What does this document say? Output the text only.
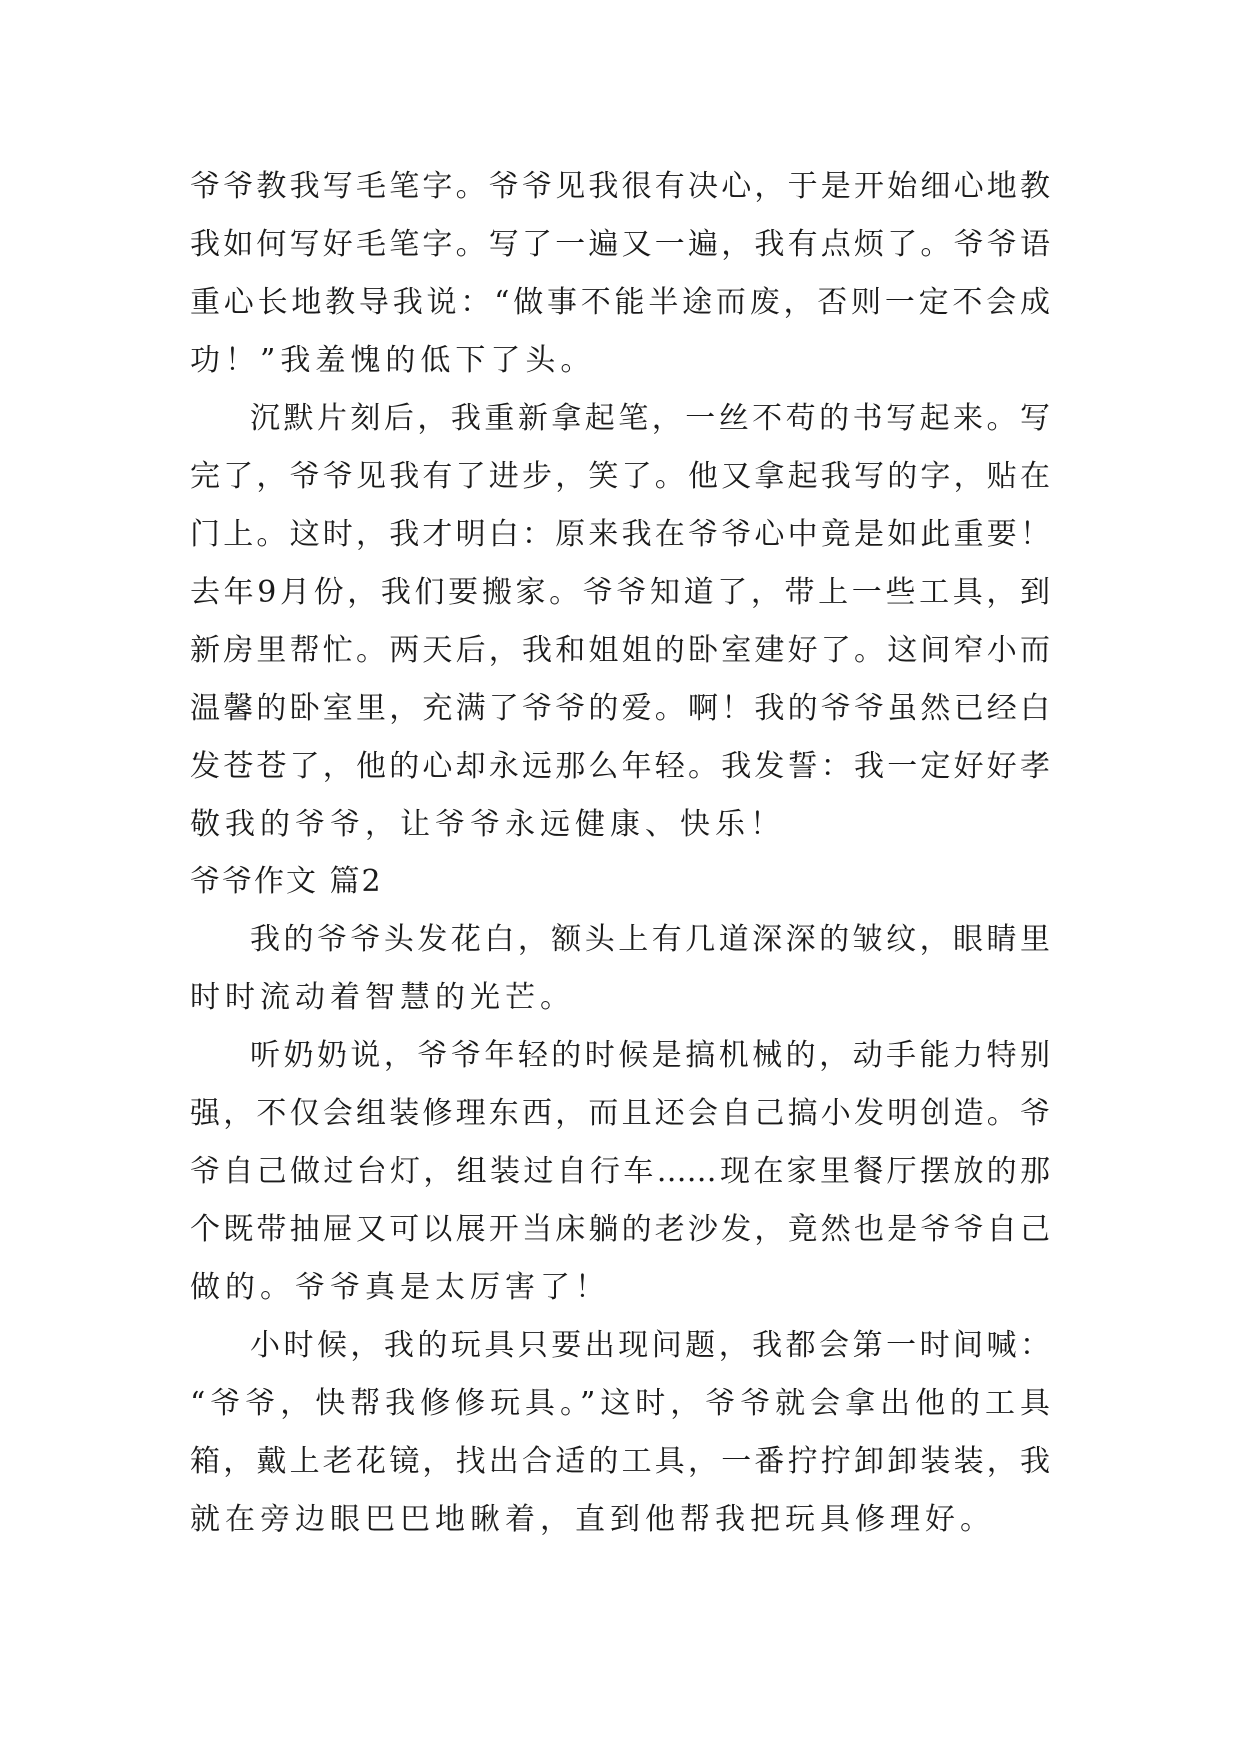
爷爷教我写毛笔字。爷爷见我很有决心，于是开始细心地教
我如何写好毛笔字。写了一遍又一遍，我有点烦了。爷爷语
重心长地教导我说：“做事不能半途而废，否则一定不会成
功！”我羞愧的低下了头。
沉默片刻后，我重新拿起笔，一丝不苟的书写起来。写
完了，爷爷见我有了进步，笑了。他又拿起我写的字，贴在
门上。这时，我才明白：原来我在爷爷心中竟是如此重要！
去年9月份，我们要搬家。爷爷知道了，带上一些工具，到
新房里帮忙。两天后，我和姐姐的卧室建好了。这间窄小而
温馨的卧室里，充满了爷爷的爱。啊！我的爷爷虽然已经白
发苍苍了，他的心却永远那么年轻。我发誓：我一定好好孝
敬我的爷爷，让爷爷永远健康、快乐！
爷爷作文 篇2
我的爷爷头发花白，额头上有几道深深的皱纹，眼睛里
时时流动着智慧的光芒。
听奶奶说，爷爷年轻的时候是搞机械的，动手能力特别
强，不仅会组装修理东西，而且还会自己搞小发明创造。爷
爷自己做过台灯，组装过自行车……现在家里餐厅摆放的那
个既带抽屉又可以展开当床躺的老沙发，竟然也是爷爷自己
做的。爷爷真是太厉害了！
小时候，我的玩具只要出现问题，我都会第一时间喊：
“爷爷，快帮我修修玩具。”这时，爷爷就会拿出他的工具
箱，戴上老花镜，找出合适的工具，一番拧拧卸卸装装，我
就在旁边眼巴巴地瞅着，直到他帮我把玩具修理好。
